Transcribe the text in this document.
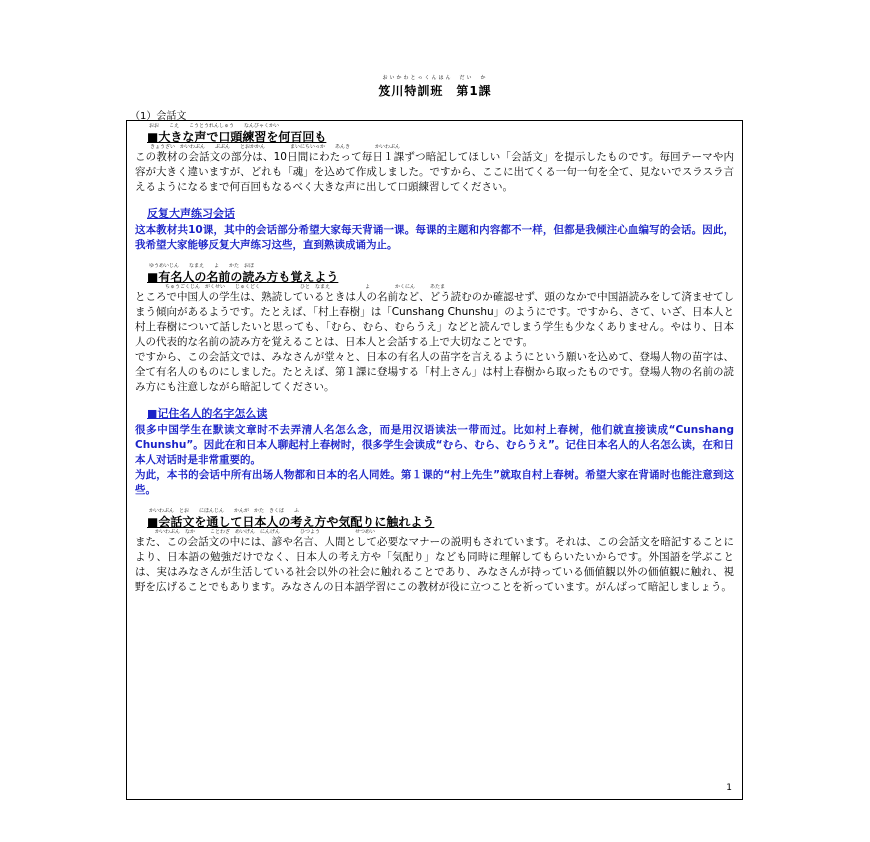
おいかわとっくんはん　だい　か
笈川特訓班　第1課
（1）会話文
おお　　こえ　　こうとうれんしゅう　　なんびゃくかい
■大きな声で口頭練習を何百回も

　　　きょうざい　かいわぶん　　ぶぶん　　とおかかん　　　　　まいにちいっか　　あんき　　　　　かいわぶん
この教材の会話文の部分は、10日間にわたって毎日１課ずつ暗記してほしい「会話文」を提示したものです。毎回テーマや内容が大きく違いますが、どれも「魂」を込めて作成しました。ですから、ここに出てくる一句一句を全て、見ないでスラスラ言えるようになるまで何百回もなるべく大きな声に出して口頭練習してください。

反复大声练习会话

这本教材共10课，其中的会话部分希望大家每天背诵一课。每课的主题和内容都不一样，但都是我倾注心血编写的会话。因此，我希望大家能够反复大声练习这些，直到熟读成诵为止。

ゆうめいじん　　なまえ　　よ　　かた　おぼ
■有名人の名前の読み方も覚えよう

　　　　　　ちゅうごくじん　がくせい　　じゅくどく　　　　　　　　ひと　なまえ　　　　　　　よ　　　　　かくにん　　　あたま
ところで中国人の学生は、熟読しているときは人の名前など、どう読むのか確認せず、頭のなかで中国語読みをして済ませてしまう傾向があるようです。たとえば、「村上春樹」は「Cunshang Chunshu」のようにです。ですから、さて、いざ、日本人と村上春樹について話したいと思っても、「むら、むら、むらうえ」などと読んでしまう学生も少なくありません。やはり、日本人の代表的な名前の読み方を覚えることは、日本人と会話する上で大切なことです。

ですから、この会話文では、みなさんが堂々と、日本の有名人の苗字を言えるようにという願いを込めて、登場人物の苗字は、全て有名人のものにしました。たとえば、第１課に登場する「村上さん」は村上春樹から取ったものです。登場人物の名前の読み方にも注意しながら暗記してください。

■记住名人的名字怎么读

很多中国学生在默读文章时不去弄清人名怎么念，而是用汉语读法一带而过。比如村上春树，他们就直接读成“Cunshang Chunshu”。因此在和日本人聊起村上春树时，很多学生会读成“むら、むら、むらうえ”。记住日本名人的人名怎么读，在和日本人对话时是非常重要的。

为此，本书的会话中所有出场人物都和日本的名人同姓。第１课的“村上先生”就取自村上春树。希望大家在背诵时也能注意到这些。

かいわぶん　とお　　にほんじん　　かんが　かた　きくば　　ふ
■会話文を通して日本人の考え方や気配りに触れよう

　　　　かいわぶん　なか　　　ことわざ　めいげん　にんげん　　　　ひつよう　　　　　　　せつめい
また、この会話文の中には、諺や名言、人間として必要なマナーの説明もされています。それは、この会話文を暗記することにより、日本語の勉強だけでなく、日本人の考え方や「気配り」なども同時に理解してもらいたいからです。外国語を学ぶことは、実はみなさんが生活している社会以外の社会に触れることであり、みなさんが持っている価値観以外の価値観に触れ、視野を広げることでもあります。みなさんの日本語学習にこの教材が役に立つことを祈っています。がんばって暗記しましょう。

1
